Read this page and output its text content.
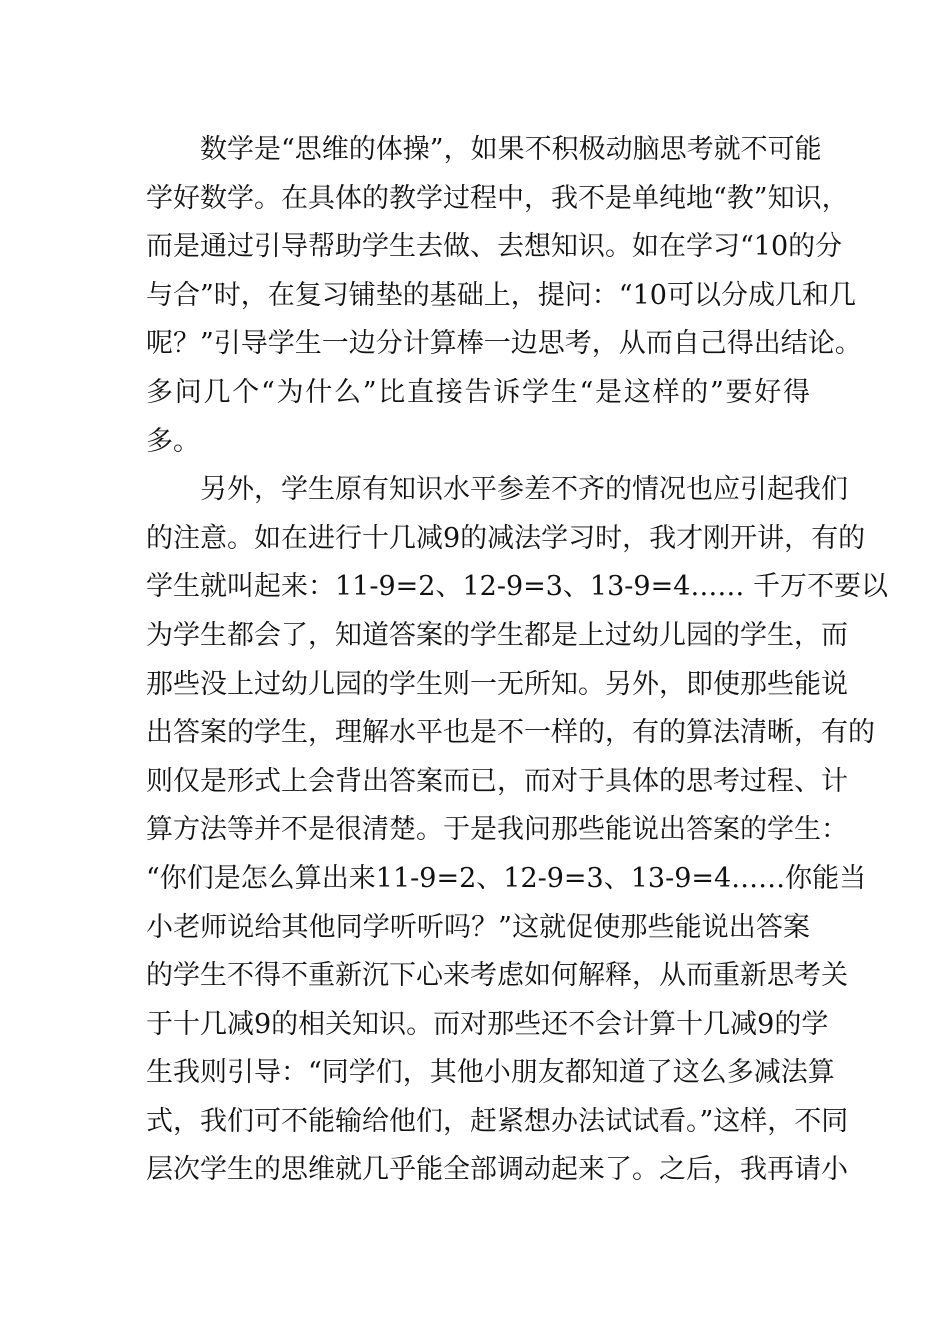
　　数学是“思维的体操”，如果不积极动脑思考就不可能
学好数学。在具体的教学过程中，我不是单纯地“教”知识，
而是通过引导帮助学生去做、去想知识。如在学习“10的分
与合”时，在复习铺垫的基础上，提问：“10可以分成几和几
呢？”引导学生一边分计算棒一边思考，从而自己得出结论。
多问几个“为什么”比直接告诉学生“是这样的”要好得
多。
　　另外，学生原有知识水平参差不齐的情况也应引起我们
的注意。如在进行十几减9的减法学习时，我才刚开讲，有的
学生就叫起来：11-9=2、12-9=3、13-9=4…… 千万不要以
为学生都会了，知道答案的学生都是上过幼儿园的学生，而
那些没上过幼儿园的学生则一无所知。另外，即使那些能说
出答案的学生，理解水平也是不一样的，有的算法清晰，有的
则仅是形式上会背出答案而已，而对于具体的思考过程、计
算方法等并不是很清楚。于是我问那些能说出答案的学生：
“你们是怎么算出来11-9=2、12-9=3、13-9=4……你能当
小老师说给其他同学听听吗？”这就促使那些能说出答案
的学生不得不重新沉下心来考虑如何解释，从而重新思考关
于十几减9的相关知识。而对那些还不会计算十几减9的学
生我则引导：“同学们，其他小朋友都知道了这么多减法算
式，我们可不能输给他们，赶紧想办法试试看。”这样，不同
层次学生的思维就几乎能全部调动起来了。之后，我再请小
